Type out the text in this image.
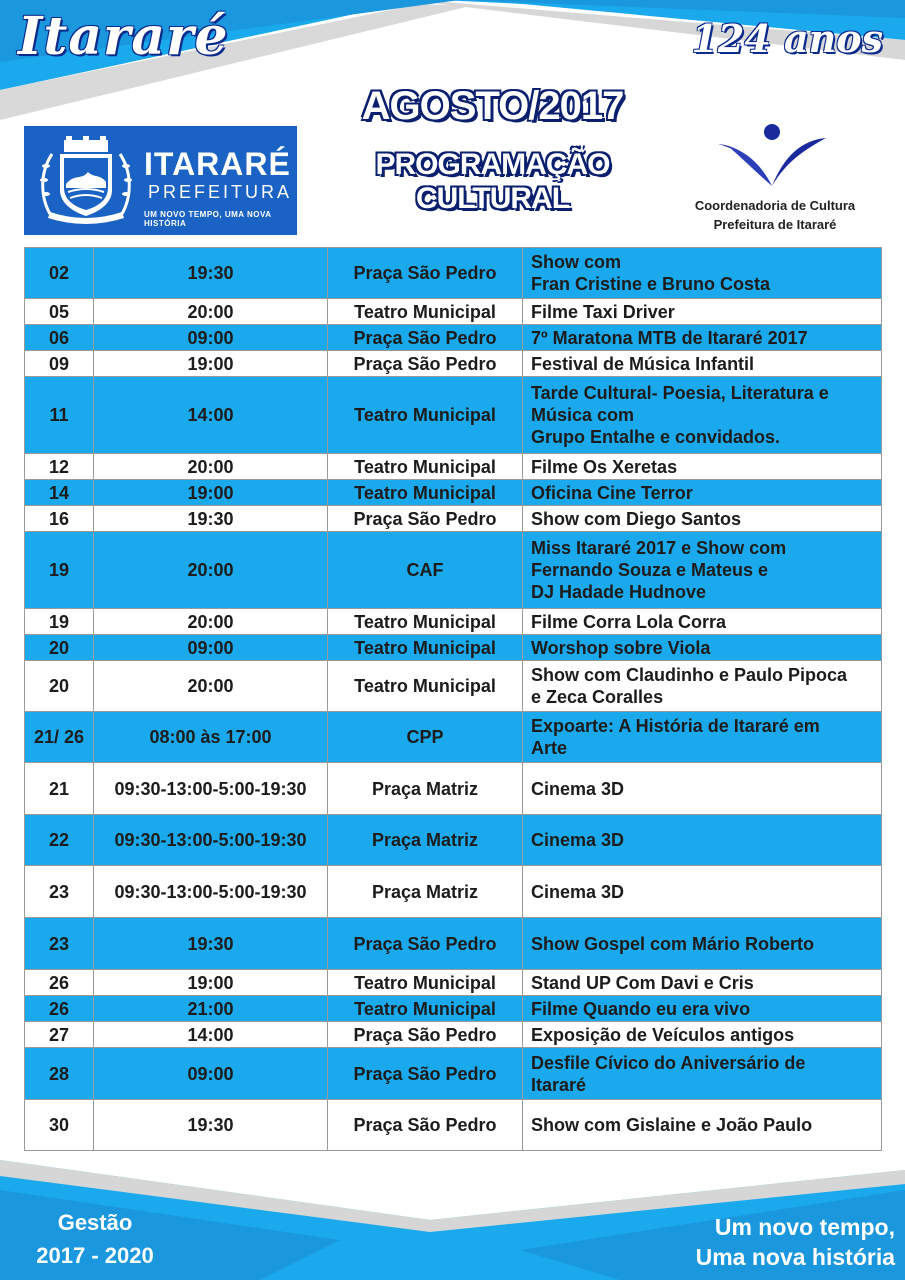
Itararé	124 anos
AGOSTO/2017
PROGRAMAÇÃO
CULTURAL
ITARARÉ
PREFEITURA
UM NOVO TEMPO, UMA NOVA HISTÓRIA
Coordenadoria de Cultura
Prefeitura de Itararé
02	19:30	Praça São Pedro	Show com
Fran Cristine e Bruno Costa

05	20:00	Teatro Municipal	Filme Taxi Driver

06	09:00	Praça São Pedro	7º Maratona MTB de Itararé 2017

09	19:00	Praça São Pedro	Festival de Música Infantil

11	14:00	Teatro Municipal	Tarde Cultural- Poesia, Literatura e
Música com
Grupo Entalhe e convidados.

12	20:00	Teatro Municipal	Filme Os Xeretas

14	19:00	Teatro Municipal	Oficina Cine Terror

16	19:30	Praça São Pedro	Show com Diego Santos

19	20:00	CAF	Miss Itararé 2017 e Show com
Fernando Souza e Mateus e
DJ Hadade Hudnove

19	20:00	Teatro Municipal	Filme Corra Lola Corra

20	09:00	Teatro Municipal	Worshop sobre Viola

20	20:00	Teatro Municipal	Show com Claudinho e Paulo Pipoca
e Zeca Coralles

21/ 26	08:00 às 17:00	CPP	Expoarte: A História de Itararé em
Arte

21	09:30-13:00-5:00-19:30	Praça Matriz	Cinema 3D

22	09:30-13:00-5:00-19:30	Praça Matriz	Cinema 3D

23	09:30-13:00-5:00-19:30	Praça Matriz	Cinema 3D

23	19:30	Praça São Pedro	Show Gospel com Mário Roberto

26	19:00	Teatro Municipal	Stand UP Com Davi e Cris

26	21:00	Teatro Municipal	Filme Quando eu era vivo

27	14:00	Praça São Pedro	Exposição de Veículos antigos

28	09:00	Praça São Pedro	Desfile Cívico do Aniversário de
Itararé

30	19:30	Praça São Pedro	Show com Gislaine e João Paulo
Gestão
2017 - 2020
Um novo tempo,
Uma nova história
